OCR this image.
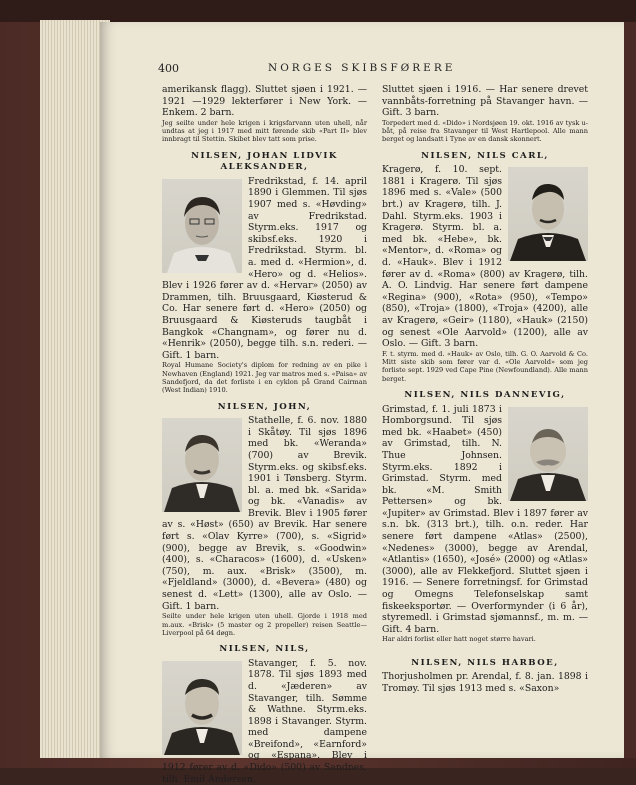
400	NORGES SKIBSFØRERE

amerikansk flagg). Sluttet sjøen i 1921. — 1921 —1929 lekterfører i New York. — Enkem. 2 barn.

Jeg seilte under hele krigen i krigsfarvann uten uhell, når undtas at jeg i 1917 med mitt førende skib «Part II» blev innbragt til Stettin. Skibet blev tatt som prise.

NILSEN, JOHAN LIDVIK ALEKSANDER,

Fredrikstad, f. 14. april 1890 i Glemmen. Til sjøs 1907 med s. «Høvding» av Fredrikstad. Styrm.eks. 1917 og skibsf.eks. 1920 i Fredrikstad. Styrm. bl. a. med d. «Hermion», d. «Hero» og d. «Helios». Blev i 1926 fører av d. «Hervar» (2050) av Drammen, tilh. Bruusgaard, Kiøsterud & Co. Har senere ført d. «Hero» (2050) og Bruusgaard & Kiøsteruds taugbåt i Bangkok «Changnam», og fører nu d. «Henrik» (2050), begge tilh. s.n. rederi. — Gift. 1 barn.

Royal Humane Society's diplom for redning av en pike i Newhaven (England) 1921. Jeg var matros med s. «Paisa» av Sandefjord, da det forliste i en cyklon på Grand Cairman (West Indian) 1910.

NILSEN, JOHN,

Stathelle, f. 6. nov. 1880 i Skåtøy. Til sjøs 1896 med bk. «Weranda» (700) av Brevik. Styrm.eks. og skibsf.eks. 1901 i Tønsberg. Styrm. bl. a. med bk. «Sarida» og bk. «Vanadis» av Brevik. Blev i 1905 fører av s. «Høst» (650) av Brevik. Har senere ført s. «Olav Kyrre» (700), s. «Sigrid» (900), begge av Brevik, s. «Goodwin» (400), s. «Characos» (1600), d. «Usken» (750), m. aux. «Brisk» (3500), m. «Fjeldland» (3000), d. «Bevera» (480) og senest d. «Lett» (1300), alle av Oslo. — Gift. 1 barn.

Seilte under hele krigen uten uhell. Gjorde i 1918 med m.aux. «Brisk» (5 master og 2 propeller) reisen Seattle—Liverpool på 64 døgn.

NILSEN, NILS,

Stavanger, f. 5. nov. 1878. Til sjøs 1893 med d. «Jæderen» av Stavanger, tilh. Sømme & Wathne. Styrm.eks. 1898 i Stavanger. Styrm. med dampene «Breifond», «Earnford» og «Espana». Blev i 1912 fører av d. «Dido» (500) av Sandnes, tilh. Emil Andersen.

Sluttet sjøen i 1916. — Har senere drevet vannbåts-forretning på Stavanger havn. — Gift. 3 barn.

Torpedert med d. «Dido» i Nordsjøen 19. okt. 1916 av tysk u-båt, på reise fra Stavanger til West Hartlepool. Alle mann berget og landsatt i Tyne av en dansk skonnert.

NILSEN, NILS CARL,

Kragerø, f. 10. sept. 1881 i Kragerø. Til sjøs 1896 med s. «Vale» (500 brt.) av Kragerø, tilh. J. Dahl. Styrm.eks. 1903 i Kragerø. Styrm. bl. a. med bk. «Hebe», bk. «Mentor», d. «Roma» og d. «Hauk». Blev i 1912 fører av d. «Roma» (800) av Kragerø, tilh. A. O. Lindvig. Har senere ført dampene «Regina» (900), «Rota» (950), «Tempo» (850), «Troja» (1800), «Troja» (4200), alle av Kragerø, «Geir» (1180), «Hauk» (2150) og senest «Ole Aarvold» (1200), alle av Oslo. — Gift. 3 barn.

F. t. styrm. med d. «Hauk» av Oslo, tilh. G. O. Aarvold & Co. Mitt siste skib som fører var d. «Ole Aarvold» som jeg forliste sept. 1929 ved Cape Pine (Newfoundland). Alle mann berget.

NILSEN, NILS DANNEVIG,

Grimstad, f. 1. juli 1873 i Homborgsund. Til sjøs med bk. «Haabet» (450) av Grimstad, tilh. N. Thue Johnsen. Styrm.eks. 1892 i Grimstad. Styrm. med bk. «M. Smith Pettersen» og bk. «Jupiter» av Grimstad. Blev i 1897 fører av s.n. bk. (313 brt.), tilh. o.n. reder. Har senere ført dampene «Atlas» (2500), «Nedenes» (3000), begge av Arendal, «Atlantis» (1650), «José» (2000) og «Atlas» (3000), alle av Flekkefjord. Sluttet sjøen i 1916. — Senere forretningsf. for Grimstad og Omegns Telefonselskap samt fiskeeksportør. — Overformynder (i 6 år), styremedl. i Grimstad sjømannsf., m. m. — Gift. 4 barn.

Har aldri forlist eller hatt noget større havari.

NILSEN, NILS HARBOE,

Thorjusholmen pr. Arendal, f. 8. jan. 1898 i Tromøy. Til sjøs 1913 med s. «Saxon»
